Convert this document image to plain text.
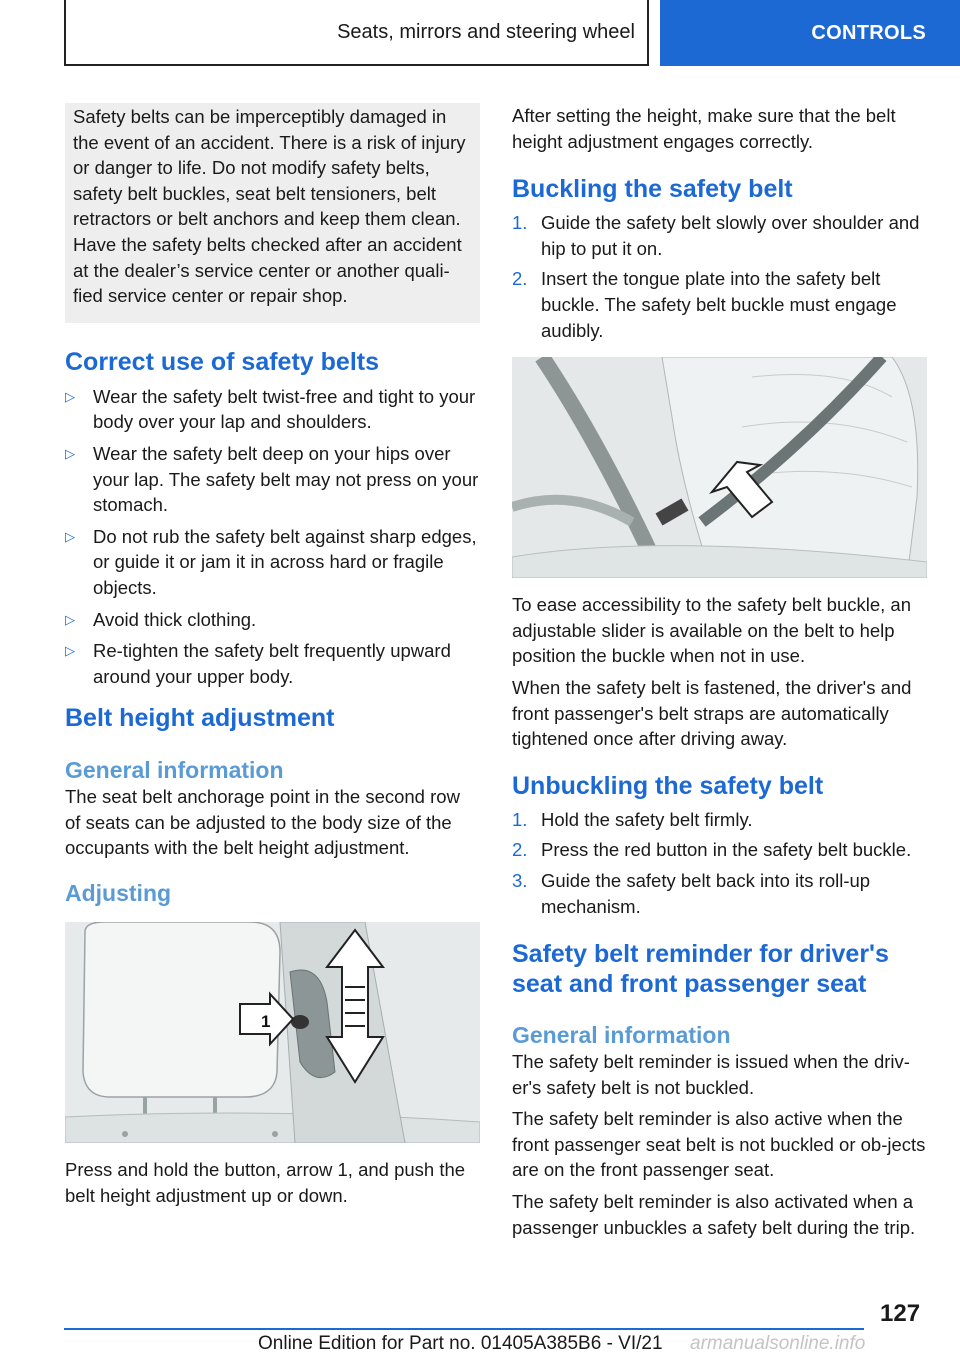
Seats, mirrors and steering wheel	CONTROLS

Safety belts can be imperceptibly damaged in the event of an accident. There is a risk of injury or danger to life. Do not modify safety belts, safety belt buckles, seat belt tensioners, belt retractors or belt anchors and keep them clean. Have the safety belts checked after an accident at the dealer’s service center or another quali‐fied service center or repair shop.

Correct use of safety belts
▷ Wear the safety belt twist-free and tight to your body over your lap and shoulders.
▷ Wear the safety belt deep on your hips over your lap. The safety belt may not press on your stomach.
▷ Do not rub the safety belt against sharp edges, or guide it or jam it in across hard or fragile objects.
▷ Avoid thick clothing.
▷ Re-tighten the safety belt frequently upward around your upper body.
Belt height adjustment
General information

The seat belt anchorage point in the second row of seats can be adjusted to the body size of the occupants with the belt height adjustment.

Adjusting
1

Press and hold the button, arrow 1, and push the belt height adjustment up or down.

After setting the height, make sure that the belt height adjustment engages correctly.

Buckling the safety belt
1. Guide the safety belt slowly over shoulder and hip to put it on.
2. Insert the tongue plate into the safety belt buckle. The safety belt buckle must engage audibly.

To ease accessibility to the safety belt buckle, an adjustable slider is available on the belt to help position the buckle when not in use.

When the safety belt is fastened, the driver's and front passenger's belt straps are automatically tightened once after driving away.

Unbuckling the safety belt
1. Hold the safety belt firmly.
2. Press the red button in the safety belt buckle.
3. Guide the safety belt back into its roll-up mechanism.
Safety belt reminder for driver's
seat and front passenger seat
General information

The safety belt reminder is issued when the driv‐er's safety belt is not buckled.

The safety belt reminder is also active when the front passenger seat belt is not buckled or ob‐jects are on the front passenger seat.

The safety belt reminder is also activated when a passenger unbuckles a safety belt during the trip.

127
Online Edition for Part no. 01405A385B6 - VI/21 armanualsonline.info
